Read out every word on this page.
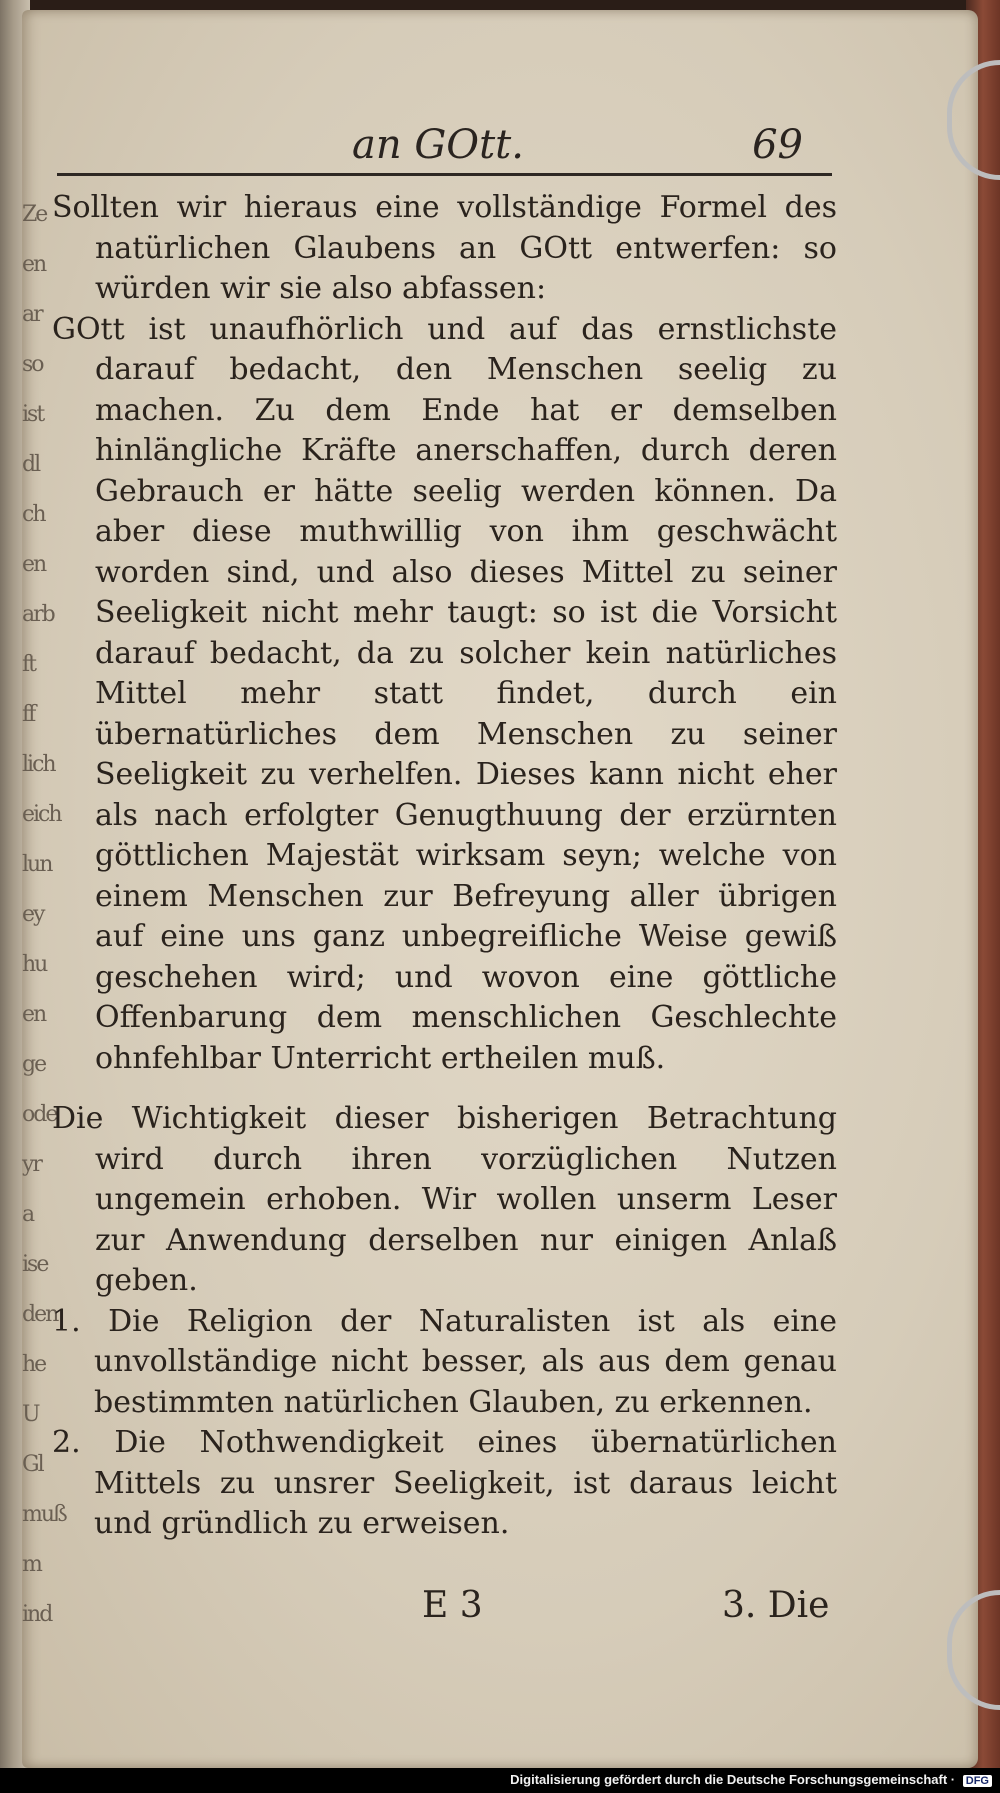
Ze en ar so ist dl ch en arb ft ff lich eich lun ey hu en ge ode yr a ise den he U Gl muß m ind
an GOtt.	69

Sollten wir hieraus eine vollständige Formel des natürlichen Glaubens an GOtt entwerfen: so würden wir sie also abfassen:

GOtt ist unaufhörlich und auf das ernstlichste darauf bedacht, den Menschen seelig zu machen. Zu dem Ende hat er demselben hinlängliche Kräfte anerschaffen, durch deren Gebrauch er hätte seelig werden können. Da aber diese muthwillig von ihm geschwächt worden sind, und also dieses Mittel zu seiner Seeligkeit nicht mehr taugt: so ist die Vorsicht darauf bedacht, da zu solcher kein natürliches Mittel mehr statt findet, durch ein übernatürliches dem Menschen zu seiner Seeligkeit zu verhelfen. Dieses kann nicht eher als nach erfolgter Genugthuung der erzürnten göttlichen Majestät wirksam seyn; welche von einem Menschen zur Befreyung aller übrigen auf eine uns ganz unbegreifliche Weise gewiß geschehen wird; und wovon eine göttliche Offenbarung dem menschlichen Geschlechte ohnfehlbar Unterricht ertheilen muß.

Die Wichtigkeit dieser bisherigen Betrachtung wird durch ihren vorzüglichen Nutzen ungemein erhoben. Wir wollen unserm Leser zur Anwendung derselben nur einigen Anlaß geben.

1. Die Religion der Naturalisten ist als eine unvollständige nicht besser, als aus dem genau bestimmten natürlichen Glauben, zu erkennen.

2. Die Nothwendigkeit eines übernatürlichen Mittels zu unsrer Seeligkeit, ist daraus leicht und gründlich zu erweisen.

E 3	3. Die
Digitalisierung gefördert durch die Deutsche Forschungsgemeinschaft · DFG
